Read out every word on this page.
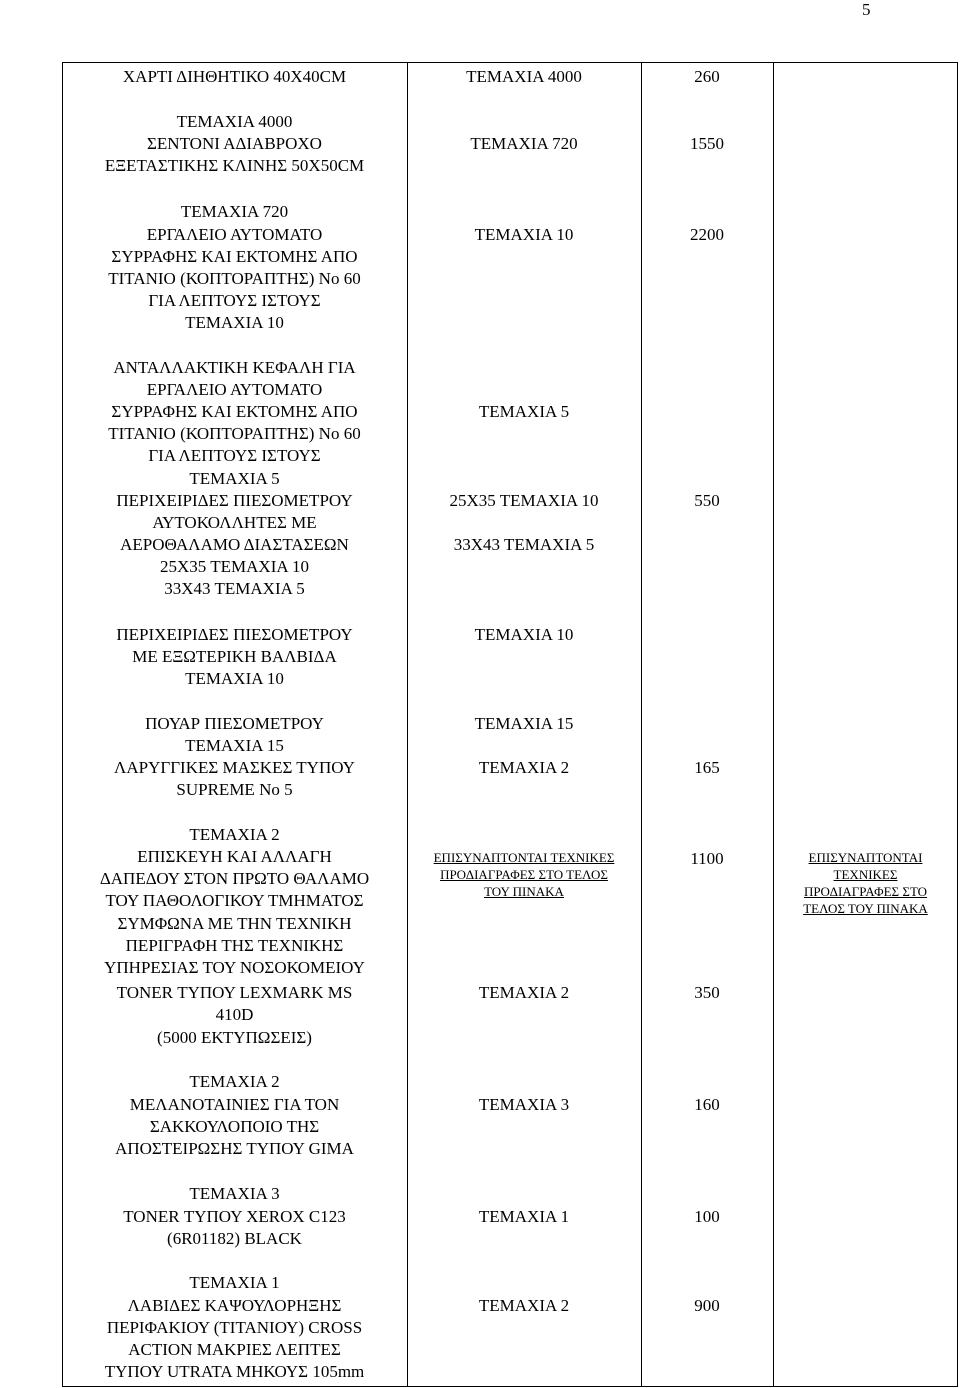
5
ΧΑΡΤΙ ΔΙΗΘΗΤΙΚΟ 40Χ40CM
ΤΕΜΑΧΙΑ 4000
ΣΕΝΤΟΝΙ ΑΔΙΑΒΡΟΧΟ
ΕΞΕΤΑΣΤΙΚΗΣ ΚΛΙΝΗΣ 50Χ50CM
ΤΕΜΑΧΙΑ 720
ΕΡΓΑΛΕΙΟ ΑΥΤΟΜΑΤΟ
ΣΥΡΡΑΦΗΣ ΚΑΙ ΕΚΤΟΜΗΣ ΑΠΟ
ΤΙΤΑΝΙΟ (ΚΟΠΤΟΡΑΠΤΗΣ) Νο 60
ΓΙΑ ΛΕΠΤΟΥΣ ΙΣΤΟΥΣ
ΤΕΜΑΧΙΑ 10
ΑΝΤΑΛΛΑΚΤΙΚΗ ΚΕΦΑΛΗ ΓΙΑ
ΕΡΓΑΛΕΙΟ ΑΥΤΟΜΑΤΟ
ΣΥΡΡΑΦΗΣ ΚΑΙ ΕΚΤΟΜΗΣ ΑΠΟ
ΤΙΤΑΝΙΟ (ΚΟΠΤΟΡΑΠΤΗΣ) Νο 60
ΓΙΑ ΛΕΠΤΟΥΣ ΙΣΤΟΥΣ
ΤΕΜΑΧΙΑ 5
ΠΕΡΙΧΕΙΡΙΔΕΣ ΠΙΕΣΟΜΕΤΡΟΥ
ΑΥΤΟΚΟΛΛΗΤΕΣ ΜΕ
ΑΕΡΟΘΑΛΑΜΟ ΔΙΑΣΤΑΣΕΩΝ
25Χ35 ΤΕΜΑΧΙΑ 10
33Χ43 ΤΕΜΑΧΙΑ 5
ΠΕΡΙΧΕΙΡΙΔΕΣ ΠΙΕΣΟΜΕΤΡΟΥ
ΜΕ ΕΞΩΤΕΡΙΚΗ ΒΑΛΒΙΔΑ
ΤΕΜΑΧΙΑ 10
ΠΟΥΑΡ ΠΙΕΣΟΜΕΤΡΟΥ
ΤΕΜΑΧΙΑ 15
ΛΑΡΥΓΓΙΚΕΣ ΜΑΣΚΕΣ ΤΥΠΟΥ
SUPREME Νο 5
ΤΕΜΑΧΙΑ 2
ΕΠΙΣΚΕΥΗ ΚΑΙ ΑΛΛΑΓΗ
ΔΑΠΕΔΟΥ ΣΤΟΝ ΠΡΩΤΟ ΘΑΛΑΜΟ
ΤΟΥ ΠΑΘΟΛΟΓΙΚΟΥ ΤΜΗΜΑΤΟΣ
ΣΥΜΦΩΝΑ ΜΕ ΤΗΝ ΤΕΧΝΙΚΗ
ΠΕΡΙΓΡΑΦΗ ΤΗΣ ΤΕΧΝΙΚΗΣ
ΥΠΗΡΕΣΙΑΣ ΤΟΥ ΝΟΣΟΚΟΜΕΙΟΥ
TONER ΤΥΠΟΥ LEXMARK MS
410D
(5000 ΕΚΤΥΠΩΣΕΙΣ)
ΤΕΜΑΧΙΑ 2
ΜΕΛΑΝΟΤΑΙΝΙΕΣ ΓΙΑ ΤΟΝ
ΣΑΚΚΟΥΛΟΠΟΙΟ ΤΗΣ
ΑΠΟΣΤΕΙΡΩΣΗΣ ΤΥΠΟΥ GIMA
ΤΕΜΑΧΙΑ 3
TONER ΤΥΠΟΥ XEROX C123
(6R01182) BLACK
ΤΕΜΑΧΙΑ 1
ΛΑΒΙΔΕΣ ΚΑΨΟΥΛΟΡΗΞΗΣ
ΠΕΡΙΦΑΚΙΟΥ (ΤΙΤΑΝΙΟΥ) CROSS
ACTION ΜΑΚΡΙΕΣ ΛΕΠΤΕΣ
ΤΥΠΟΥ UTRATA ΜΗΚΟΥΣ 105mm
ΤΕΜΑΧΙΑ 4000
ΤΕΜΑΧΙΑ 720
ΤΕΜΑΧΙΑ 10
ΤΕΜΑΧΙΑ 5
25Χ35 ΤΕΜΑΧΙΑ 10
33Χ43 ΤΕΜΑΧΙΑ 5
ΤΕΜΑΧΙΑ 10
ΤΕΜΑΧΙΑ 15
ΤΕΜΑΧΙΑ 2
ΕΠΙΣΥΝΑΠΤΟΝΤΑΙ ΤΕΧΝΙΚΕΣ
ΠΡΟΔΙΑΓΡΑΦΕΣ ΣΤΟ ΤΕΛΟΣ
ΤΟΥ ΠΙΝΑΚΑ
ΤΕΜΑΧΙΑ 2
ΤΕΜΑΧΙΑ 3
ΤΕΜΑΧΙΑ 1
ΤΕΜΑΧΙΑ 2
260
1550
2200
550
165
1100
350
160
100
900
ΕΠΙΣΥΝΑΠΤΟΝΤΑΙ
ΤΕΧΝΙΚΕΣ
ΠΡΟΔΙΑΓΡΑΦΕΣ ΣΤΟ
ΤΕΛΟΣ ΤΟΥ ΠΙΝΑΚΑ
